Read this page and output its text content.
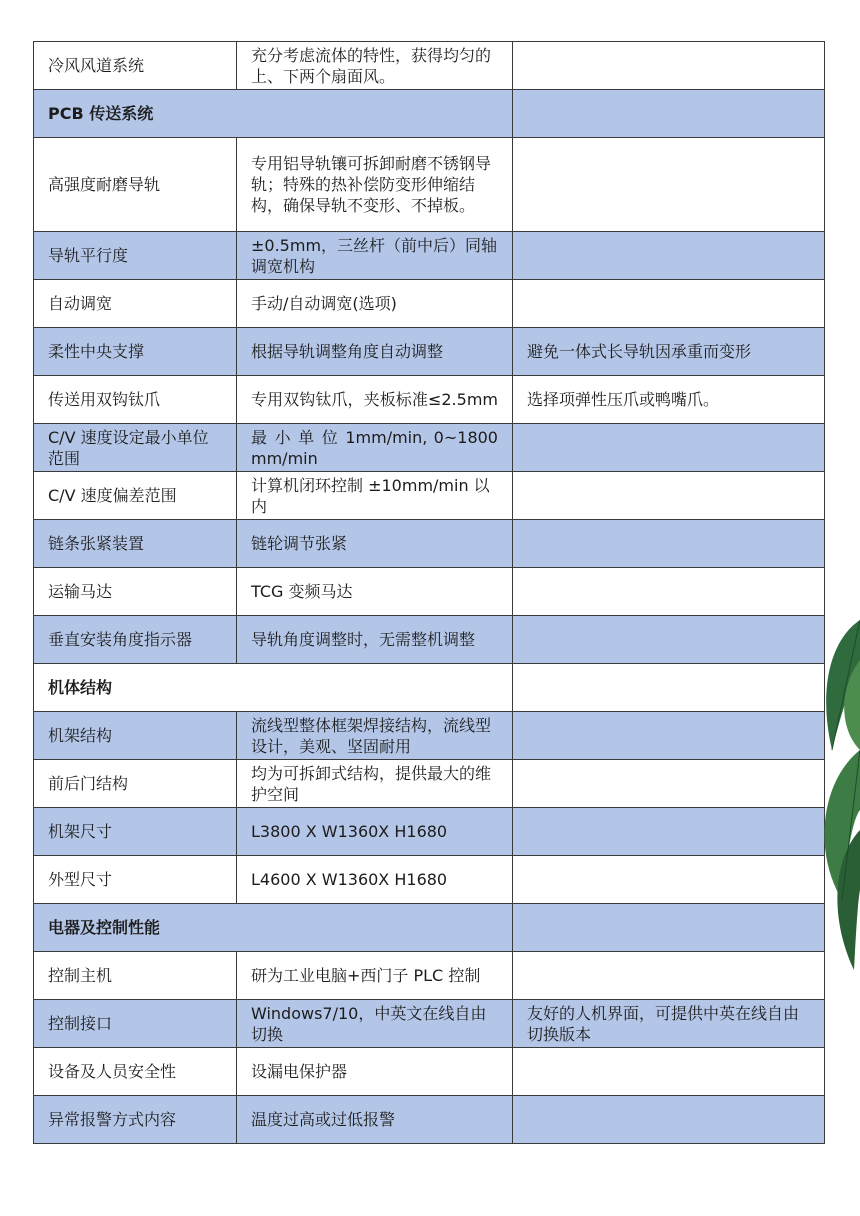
冷风风道系统	充分考虑流体的特性，获得均匀的上、下两个扇面风。	
PCB 传送系统		
高强度耐磨导轨	专用铝导轨镶可拆卸耐磨不锈钢导轨；特殊的热补偿防变形伸缩结构，确保导轨不变形、不掉板。	
导轨平行度	±0.5mm，三丝杆（前中后）同轴调宽机构	
自动调宽	手动/自动调宽(选项)	
柔性中央支撑	根据导轨调整角度自动调整	避免一体式长导轨因承重而变形
传送用双钩钛爪	专用双钩钛爪，夹板标准≤2.5mm	选择项弹性压爪或鸭嘴爪。
C/V 速度设定最小单位范围	最 小 单 位 1mm/min, 0~1800mm/min	
C/V 速度偏差范围	计算机闭环控制 ±10mm/min 以内	
链条张紧装置	链轮调节张紧	
运输马达	TCG 变频马达	
垂直安装角度指示器	导轨角度调整时，无需整机调整	
机体结构		
机架结构	流线型整体框架焊接结构，流线型设计，美观、坚固耐用	
前后门结构	均为可拆卸式结构，提供最大的维护空间	
机架尺寸	L3800 X W1360X H1680	
外型尺寸	L4600 X W1360X H1680	
电器及控制性能		
控制主机	研为工业电脑+西门子 PLC 控制	
控制接口	Windows7/10，中英文在线自由切换	友好的人机界面，可提供中英在线自由切换版本
设备及人员安全性	设漏电保护器	
异常报警方式内容	温度过高或过低报警	
